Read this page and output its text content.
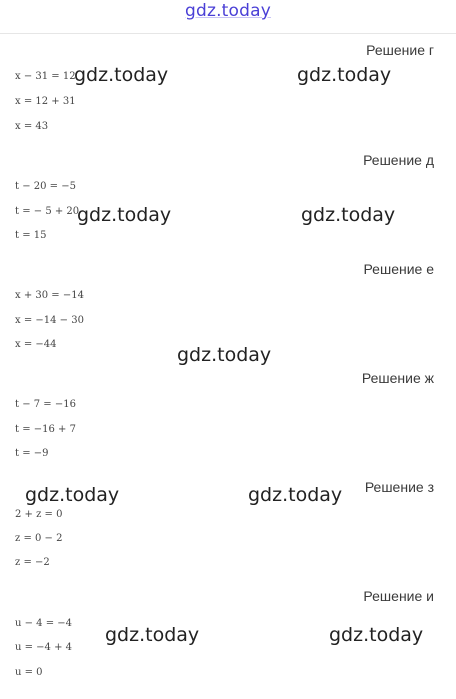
gdz.today
Решение г
x − 31 = 12
x = 12 + 31
x = 43
Решение д
t − 20 = −5
t = − 5 + 20
t = 15
Решение е
x + 30 = −14
x = −14 − 30
x = −44
Решение ж
t − 7 = −16
t = −16 + 7
t = −9
Решение з
2 + z = 0
z = 0 − 2
z = −2
Решение и
u − 4 = −4
u = −4 + 4
u = 0
gdz.today	gdz.today
gdz.today	gdz.today
gdz.today
gdz.today	gdz.today
gdz.today	gdz.today
